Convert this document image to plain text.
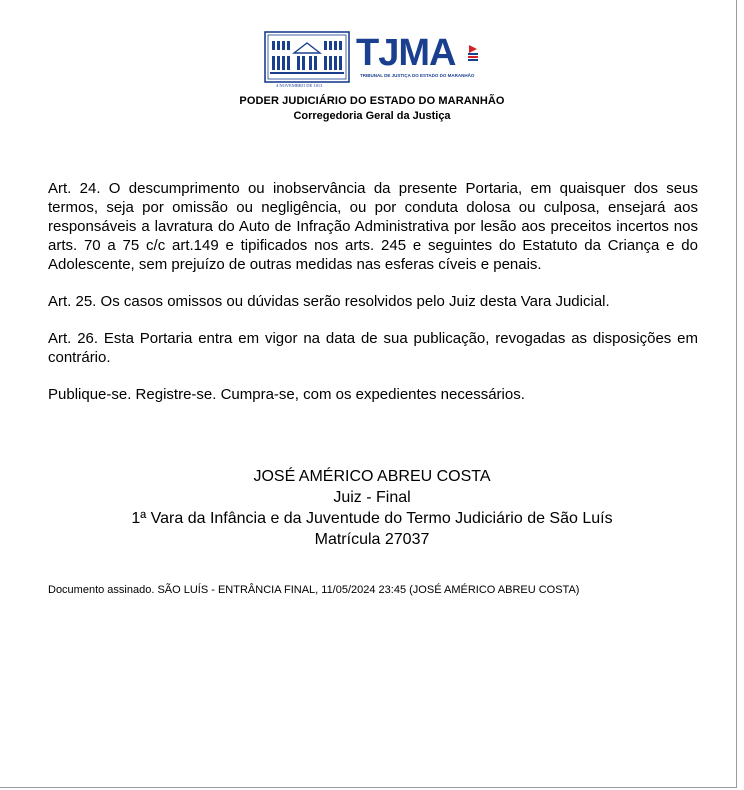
TJMA
TRIBUNAL DE JUSTIÇA DO ESTADO DO MARANHÃO
4 NOVEMBRO DE 1813
PODER JUDICIÁRIO DO ESTADO DO MARANHÃO
Corregedoria Geral da Justiça

Art. 24. O descumprimento ou inobservância da presente Portaria, em quaisquer dos seus termos, seja por omissão ou negligência, ou por conduta dolosa ou culposa, ensejará aos responsáveis a lavratura do Auto de Infração Administrativa por lesão aos preceitos incertos nos arts. 70 a 75 c/c art.149 e tipificados nos arts. 245 e seguintes do Estatuto da Criança e do Adolescente, sem prejuízo de outras medidas nas esferas cíveis e penais.

Art. 25. Os casos omissos ou dúvidas serão resolvidos pelo Juiz desta Vara Judicial.

Art. 26. Esta Portaria entra em vigor na data de sua publicação, revogadas as disposições em contrário.

Publique-se. Registre-se. Cumpra-se, com os expedientes necessários.

JOSÉ AMÉRICO ABREU COSTA
Juiz - Final
1ª Vara da Infância e da Juventude do Termo Judiciário de São Luís
Matrícula 27037
Documento assinado. SÃO LUÍS - ENTRÂNCIA FINAL, 11/05/2024 23:45 (JOSÉ AMÉRICO ABREU COSTA)
